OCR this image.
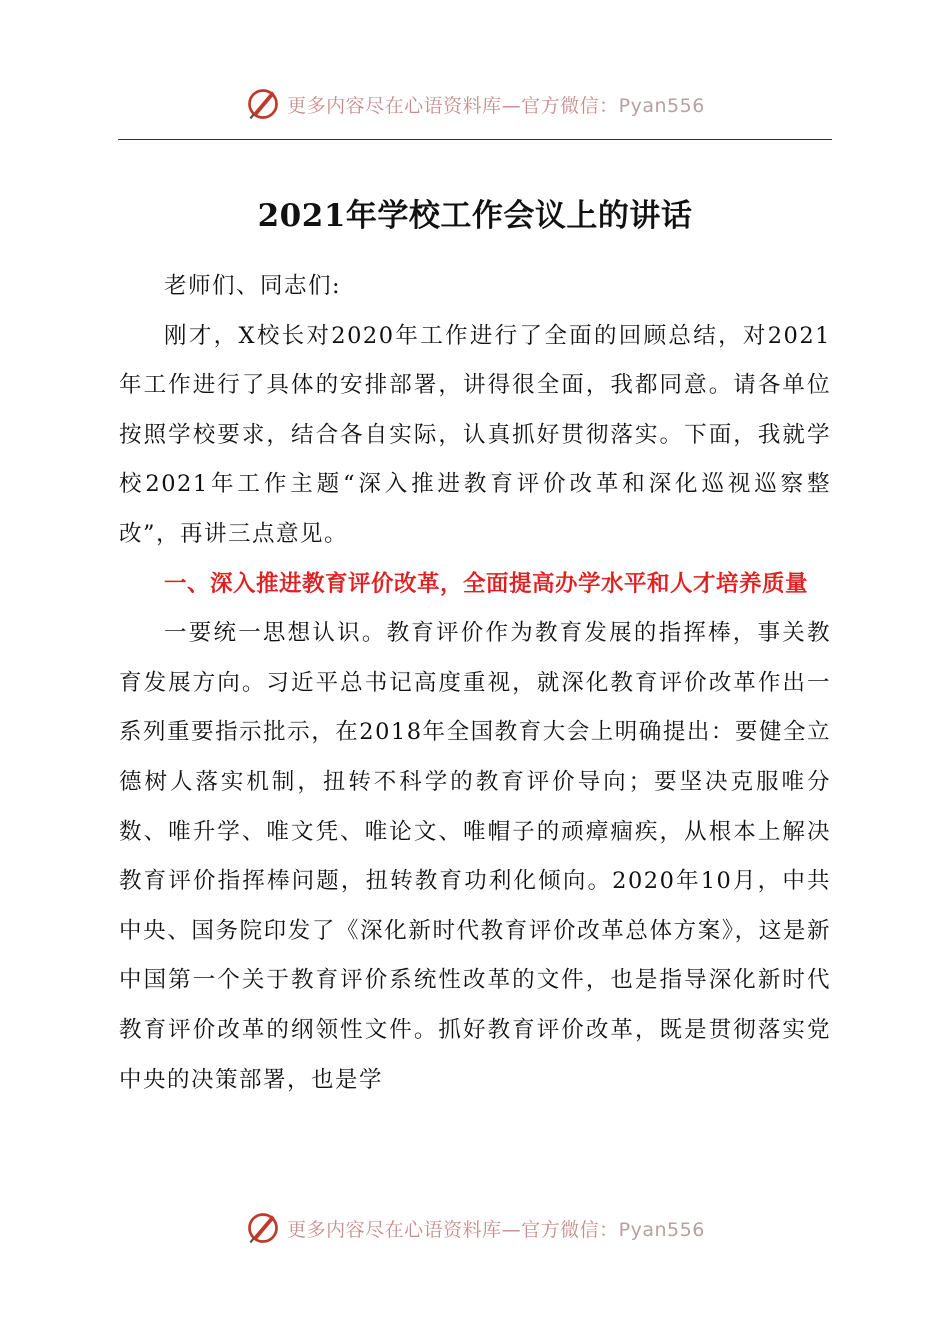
更多内容尽在心语资料库—官方微信：Pyan556
2021年学校工作会议上的讲话

老师们、同志们:

刚才，X校长对2020年工作进行了全面的回顾总结，对2021年工作进行了具体的安排部署，讲得很全面，我都同意。请各单位按照学校要求，结合各自实际，认真抓好贯彻落实。下面，我就学校2021年工作主题“深入推进教育评价改革和深化巡视巡察整改”，再讲三点意见。

一、深入推进教育评价改革，全面提高办学水平和人才培养质量

一要统一思想认识。教育评价作为教育发展的指挥棒，事关教育发展方向。习近平总书记高度重视，就深化教育评价改革作出一系列重要指示批示，在2018年全国教育大会上明确提出：要健全立德树人落实机制，扭转不科学的教育评价导向；要坚决克服唯分数、唯升学、唯文凭、唯论文、唯帽子的顽瘴痼疾，从根本上解决教育评价指挥棒问题，扭转教育功利化倾向。2020年10月，中共中央、国务院印发了《深化新时代教育评价改革总体方案》，这是新中国第一个关于教育评价系统性改革的文件，也是指导深化新时代教育评价改革的纲领性文件。抓好教育评价改革，既是贯彻落实党中央的决策部署，也是学

更多内容尽在心语资料库—官方微信：Pyan556
